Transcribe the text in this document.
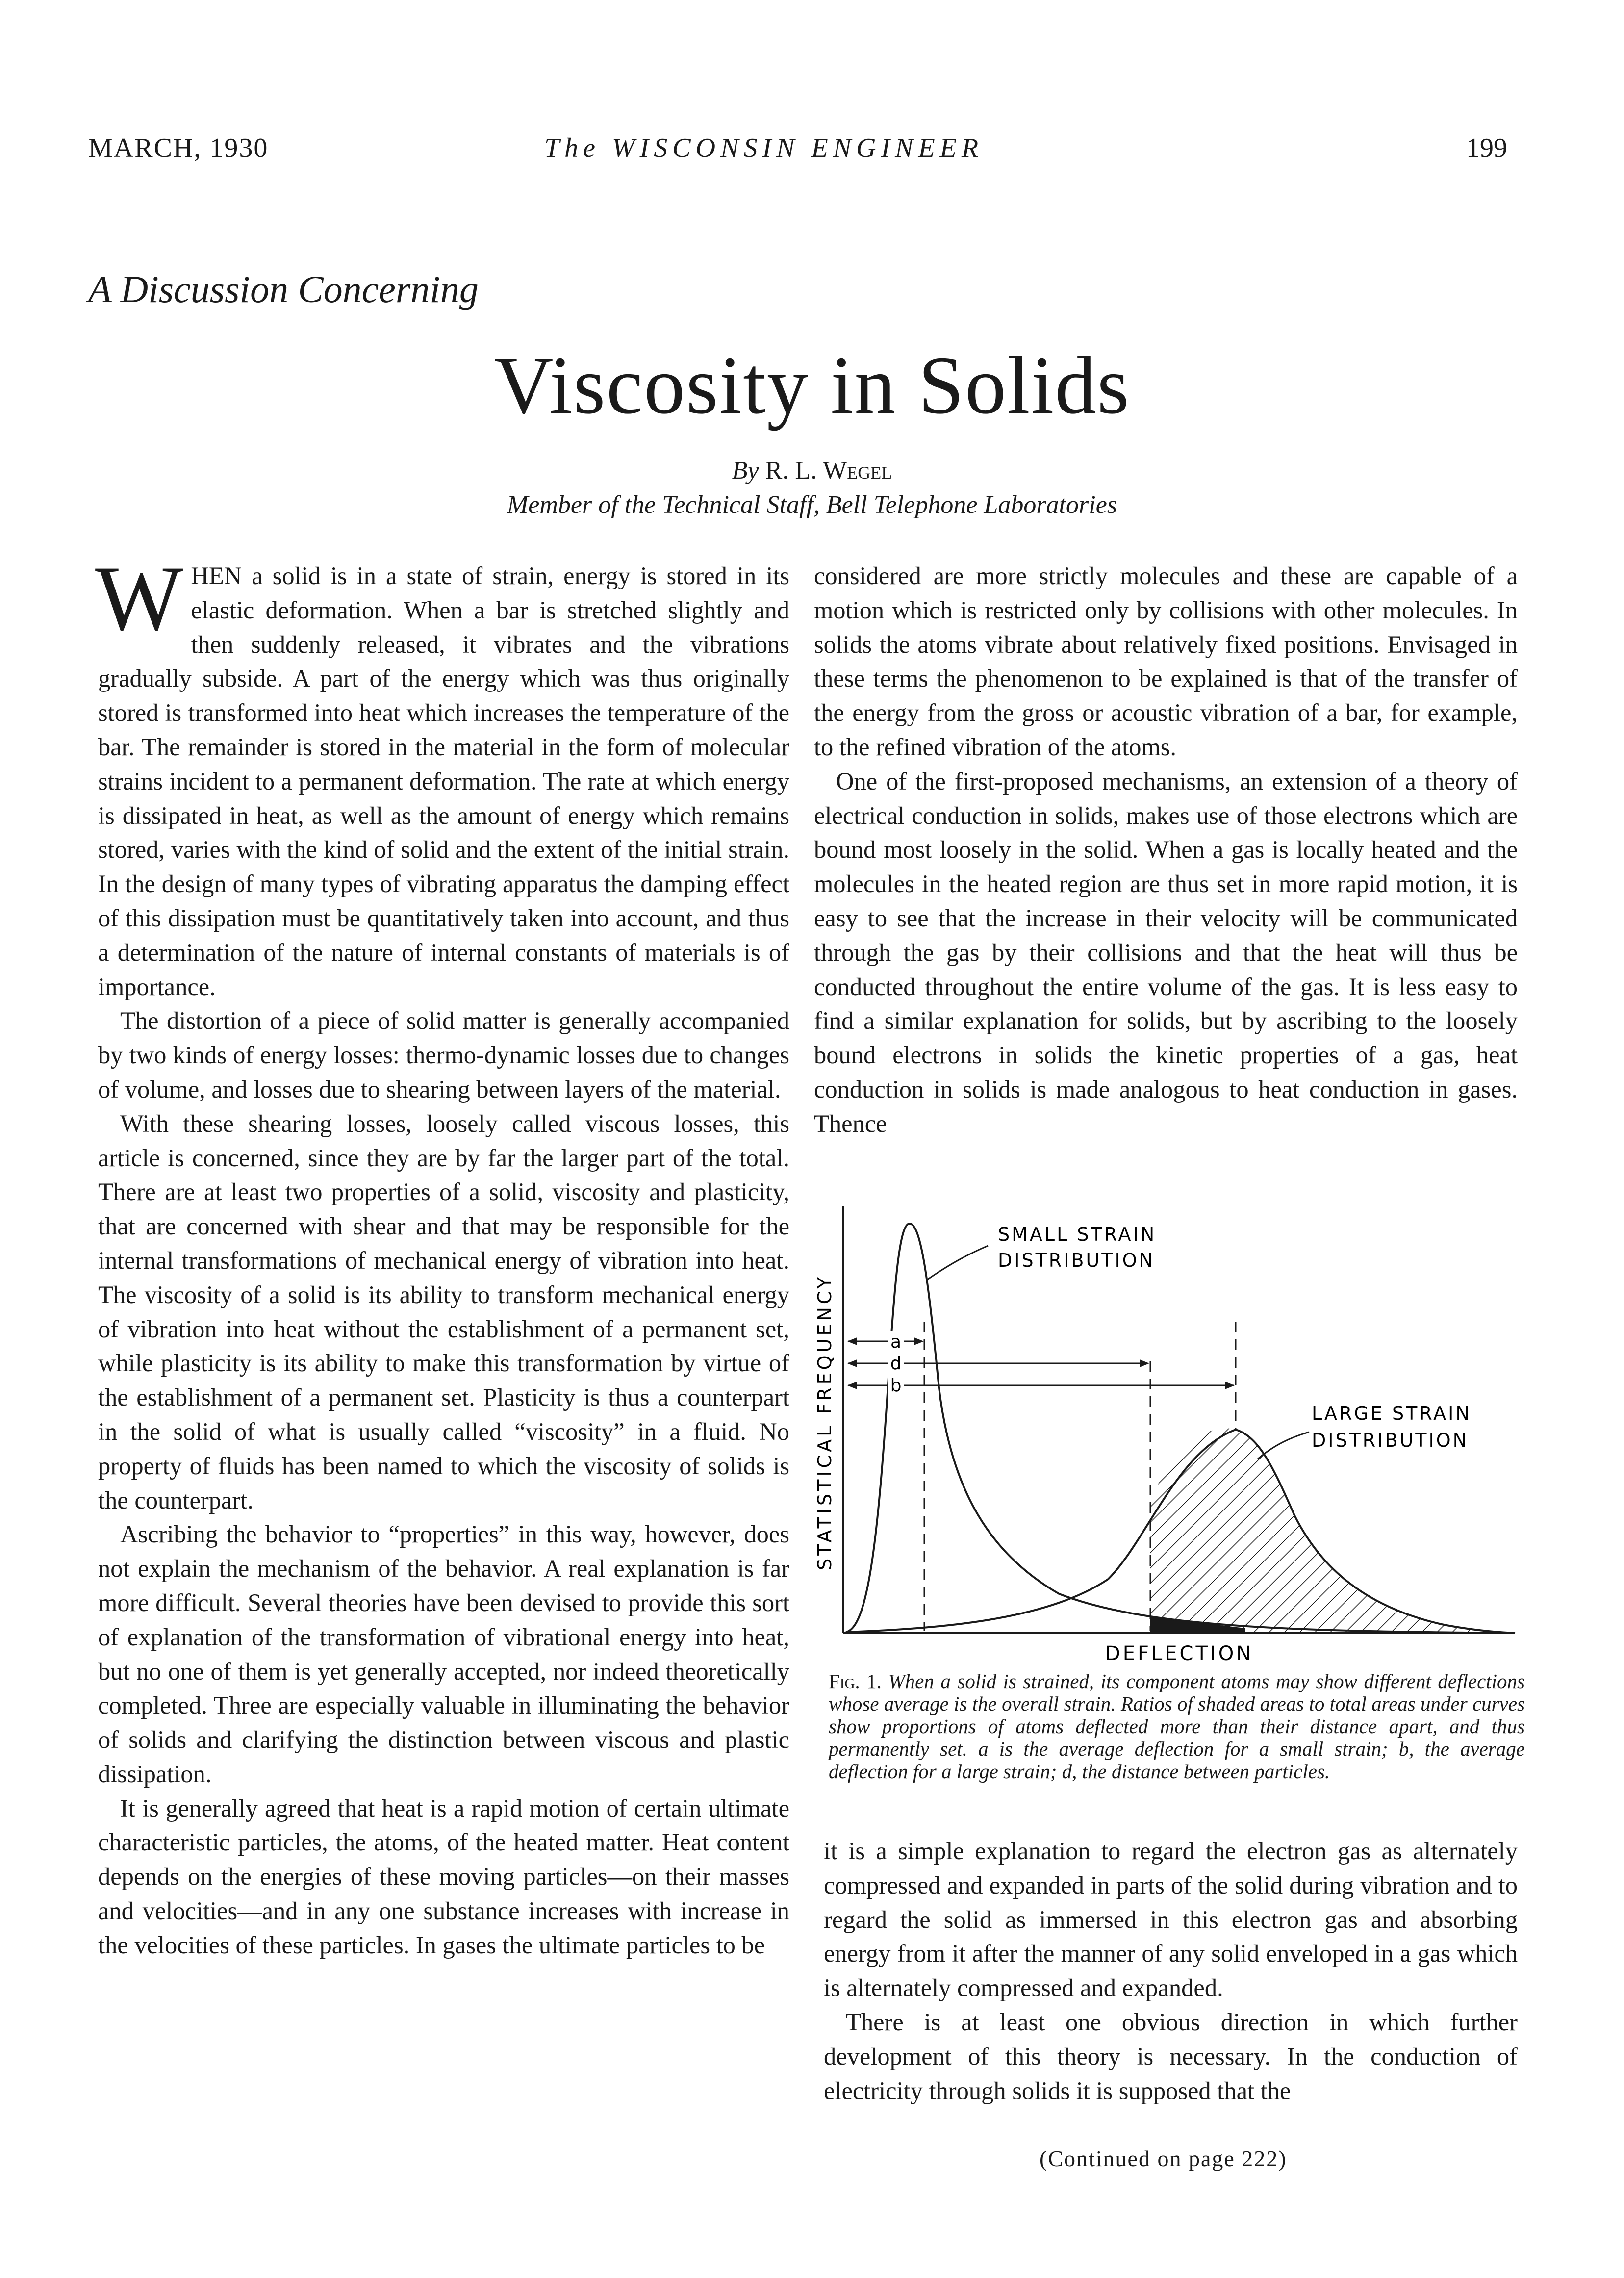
MARCH, 1930	The WISCONSIN ENGINEER	199
A Discussion Concerning
Viscosity in Solids
By R. L. Wegel
Member of the Technical Staff, Bell Telephone Laboratories

WHEN a solid is in a state of strain, energy is stored in its elastic deformation. When a bar is stretched slightly and then suddenly released, it vibrates and the vibrations gradually subside. A part of the energy which was thus originally stored is transformed into heat which increases the temperature of the bar. The remainder is stored in the material in the form of molecular strains incident to a permanent deformation. The rate at which energy is dissipated in heat, as well as the amount of energy which remains stored, varies with the kind of solid and the extent of the initial strain. In the design of many types of vibrating apparatus the damping effect of this dissipation must be quantitatively taken into account, and thus a determination of the nature of internal constants of materials is of importance.

The distortion of a piece of solid matter is generally accompanied by two kinds of energy losses: thermo-dynamic losses due to changes of volume, and losses due to shearing between layers of the material.

With these shearing losses, loosely called viscous losses, this article is concerned, since they are by far the larger part of the total. There are at least two properties of a solid, viscosity and plasticity, that are concerned with shear and that may be responsible for the internal transformations of mechanical energy of vibration into heat. The viscosity of a solid is its ability to transform mechanical energy of vibration into heat without the establishment of a permanent set, while plasticity is its ability to make this transformation by virtue of the establishment of a permanent set. Plasticity is thus a counterpart in the solid of what is usually called “viscosity” in a fluid. No property of fluids has been named to which the viscosity of solids is the counterpart.

Ascribing the behavior to “properties” in this way, however, does not explain the mechanism of the behavior. A real explanation is far more difficult. Several theories have been devised to provide this sort of explanation of the transformation of vibrational energy into heat, but no one of them is yet generally accepted, nor indeed theoretically completed. Three are especially valuable in illuminating the behavior of solids and clarifying the distinction between viscous and plastic dissipation.

It is generally agreed that heat is a rapid motion of certain ultimate characteristic particles, the atoms, of the heated matter. Heat content depends on the energies of these moving particles—on their masses and velocities—and in any one substance increases with increase in the velocities of these particles. In gases the ultimate particles to be

considered are more strictly molecules and these are capable of a motion which is restricted only by collisions with other molecules. In solids the atoms vibrate about relatively fixed positions. Envisaged in these terms the phenomenon to be explained is that of the transfer of the energy from the gross or acoustic vibration of a bar, for example, to the refined vibration of the atoms.

One of the first-proposed mechanisms, an extension of a theory of electrical conduction in solids, makes use of those electrons which are bound most loosely in the solid. When a gas is locally heated and the molecules in the heated region are thus set in more rapid motion, it is easy to see that the increase in their velocity will be communicated through the gas by their collisions and that the heat will thus be conducted throughout the entire volume of the gas. It is less easy to find a similar explanation for solids, but by ascribing to the loosely bound electrons in solids the kinetic properties of a gas, heat conduction in solids is made analogous to heat conduction in gases. Thence

a
d
b
SMALL STRAIN
DISTRIBUTION
LARGE STRAIN
DISTRIBUTION
STATISTICAL FREQUENCY
DEFLECTION
Fig. 1. When a solid is strained, its component atoms may show different deflections whose average is the overall strain. Ratios of shaded areas to total areas under curves show proportions of atoms deflected more than their distance apart, and thus permanently set. a is the average deflection for a small strain; b, the average deflection for a large strain; d, the distance between particles.

it is a simple explanation to regard the electron gas as alternately compressed and expanded in parts of the solid during vibration and to regard the solid as immersed in this electron gas and absorbing energy from it after the manner of any solid enveloped in a gas which is alternately compressed and expanded.

There is at least one obvious direction in which further development of this theory is necessary. In the conduction of electricity through solids it is supposed that the

(Continued on page 222)
